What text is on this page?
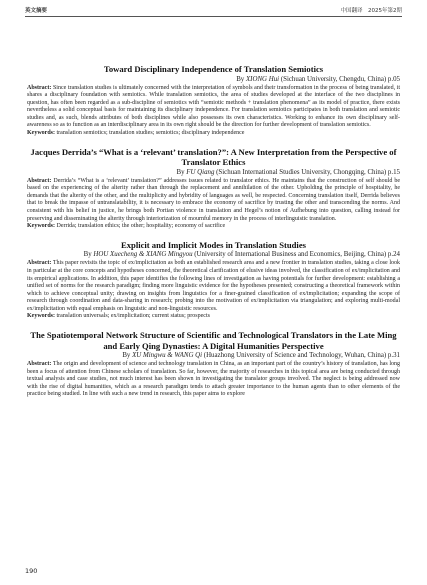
英文摘要	中国翻译　2025年第2期

Toward Disciplinary Independence of Translation Semiotics

By XIONG Hui (Sichuan University, Chengdu, China) p.05

Abstract: Since translation studies is ultimately concerned with the interpretation of symbols and their transformation in the process of being translated, it shares a disciplinary foundation with semiotics. While translation semiotics, the area of studies developed at the interface of the two disciplines in question, has often been regarded as a sub-discipline of semiotics with “semiotic methods + translation phenomena” as its model of practice, there exists nevertheless a solid conceptual basis for maintaining its disciplinary independence. For translation semiotics participates in both translation and semiotic studies and, as such, blends attributes of both disciplines while also possesses its own characteristics. Working to enhance its own disciplinary self-awareness so as to function as an interdisciplinary area in its own right should be the direction for further development of translation semiotics.

Keywords: translation semiotics; translation studies; semiotics; disciplinary independence

Jacques Derrida’s “What is a ‘relevant’ translation?”: A New Interpretation from the Perspective of Translator Ethics

By FU Qiang (Sichuan International Studies University, Chongqing, China) p.15

Abstract: Derrida’s “What is a ‘relevant’ translation?” addresses issues related to translator ethics. He maintains that the construction of self should be based on the experiencing of the alterity rather than through the replacement and annihilation of the other. Upholding the principle of hospitality, he demands that the alterity of the other, and the multiplicity and hybridity of languages as well, be respected. Concerning translation itself, Derrida believes that to break the impasse of untranslatability, it is necessary to embrace the economy of sacrifice by trusting the other and transcending the norms. And consistent with his belief in justice, he brings both Portian violence in translation and Hegel’s notion of Aufhebung into question, calling instead for preserving and disseminating the alterity through interiorization of mournful memory in the process of interlinguistic translation.

Keywords: Derrida; translation ethics; the other; hospitality; economy of sacrifice

Explicit and Implicit Modes in Translation Studies

By HOU Xuecheng & XIANG Mingyou (University of International Business and Economics, Beijing, China) p.24

Abstract: This paper revisits the topic of ex/implicitation as both an established research area and a new frontier in translation studies, taking a close look in particular at the core concepts and hypotheses concerned, the theoretical clarification of elusive ideas involved, the classification of ex/implicitation and its empirical applications. In addition, this paper identifies the following lines of investigation as having potentials for further development: establishing a unified set of norms for the research paradigm; finding more linguistic evidence for the hypotheses presented; constructing a theoretical framework within which to achieve conceptual unity; drawing on insights from linguistics for a finer-grained classification of ex/implicitation; expanding the scope of research through coordination and data-sharing in research; probing into the motivation of ex/implicitation via triangulation; and exploring multi-modal ex/implicitation with equal emphasis on linguistic and non-linguistic resources.

Keywords: translation universals; ex/implicitation; current status; prospects

The Spatiotemporal Network Structure of Scientific and Technological Translators in the Late Ming and Early Qing Dynasties: A Digital Humanities Perspective

By XU Mingwu & WANG Qi (Huazhong University of Science and Technology, Wuhan, China) p.31

Abstract: The origin and development of science and technology translation in China, as an important part of the country’s history of translation, has long been a focus of attention from Chinese scholars of translation. So far, however, the majority of researches in this topical area are being conducted through textual analysis and case studies, not much interest has been shown in investigating the translator groups involved. The neglect is being addressed now with the rise of digital humanities, which as a research paradigm tends to attach greater importance to the human agents than to other elements of the practice being studied. In line with such a new trend in research, this paper aims to explore

190
